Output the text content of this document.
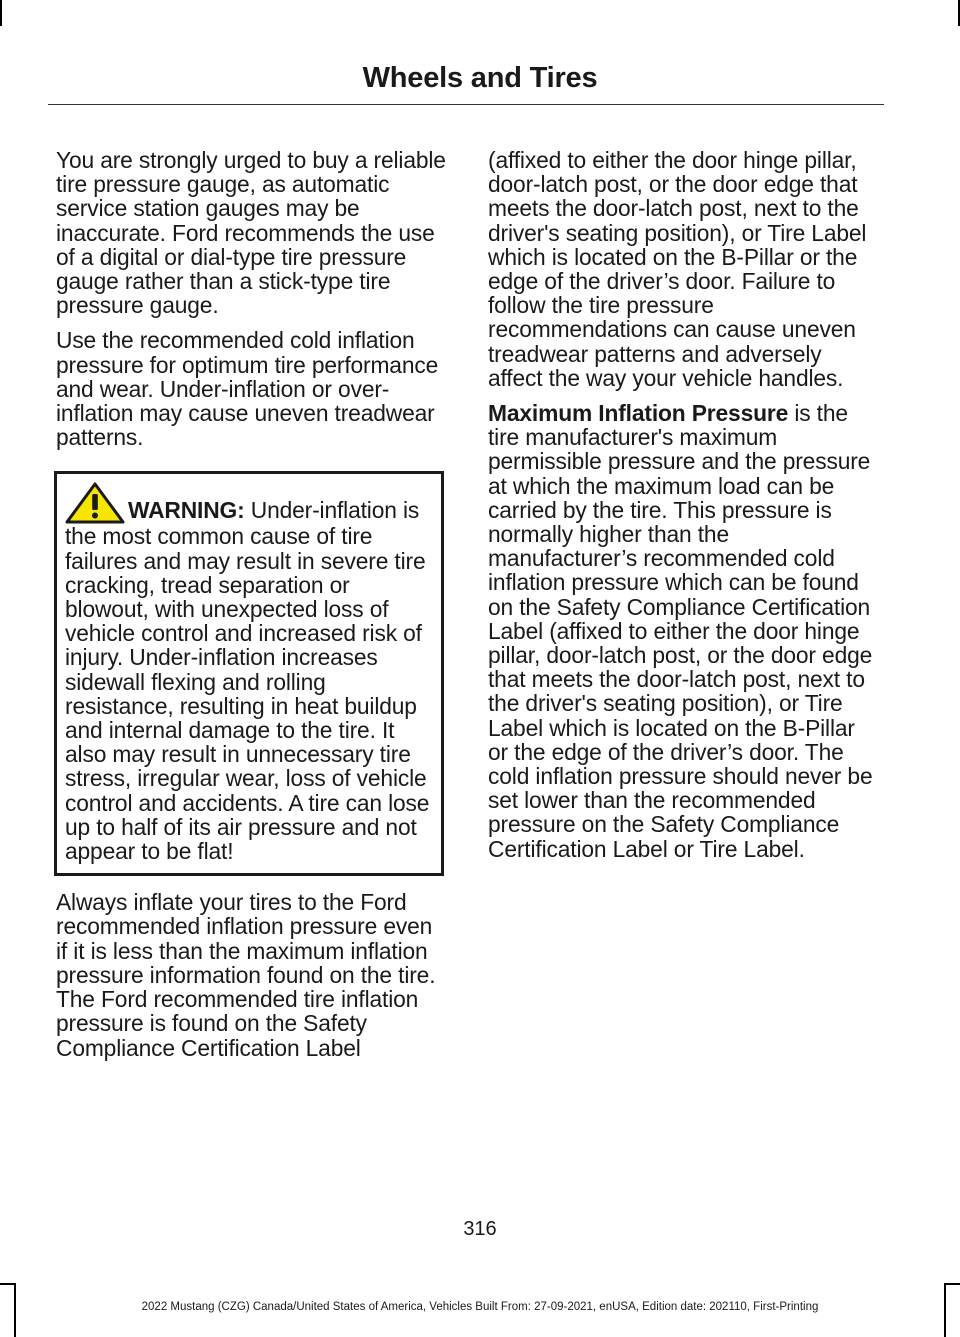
Wheels and Tires

You are strongly urged to buy a reliable tire pressure gauge, as automatic service station gauges may be inaccurate. Ford recommends the use of a digital or dial-type tire pressure gauge rather than a stick-type tire pressure gauge.

Use the recommended cold inflation pressure for optimum tire performance and wear. Under-inflation or over-inflation may cause uneven treadwear patterns.

WARNING: Under-inflation is the most common cause of tire failures and may result in severe tire cracking, tread separation or blowout, with unexpected loss of vehicle control and increased risk of injury. Under-inflation increases sidewall flexing and rolling resistance, resulting in heat buildup and internal damage to the tire. It also may result in unnecessary tire stress, irregular wear, loss of vehicle control and accidents. A tire can lose up to half of its air pressure and not appear to be flat!

Always inflate your tires to the Ford recommended inflation pressure even if it is less than the maximum inflation pressure information found on the tire. The Ford recommended tire inflation pressure is found on the Safety Compliance Certification Label

(affixed to either the door hinge pillar, door-latch post, or the door edge that meets the door-latch post, next to the driver's seating position), or Tire Label which is located on the B-Pillar or the edge of the driver’s door. Failure to follow the tire pressure recommendations can cause uneven treadwear patterns and adversely affect the way your vehicle handles.

Maximum Inflation Pressure is the tire manufacturer's maximum permissible pressure and the pressure at which the maximum load can be carried by the tire. This pressure is normally higher than the manufacturer’s recommended cold inflation pressure which can be found on the Safety Compliance Certification Label (affixed to either the door hinge pillar, door-latch post, or the door edge that meets the door-latch post, next to the driver's seating position), or Tire Label which is located on the B-Pillar or the edge of the driver’s door. The cold inflation pressure should never be set lower than the recommended pressure on the Safety Compliance Certification Label or Tire Label.

316
2022 Mustang (CZG) Canada/United States of America, Vehicles Built From: 27-09-2021, enUSA, Edition date: 202110, First-Printing
